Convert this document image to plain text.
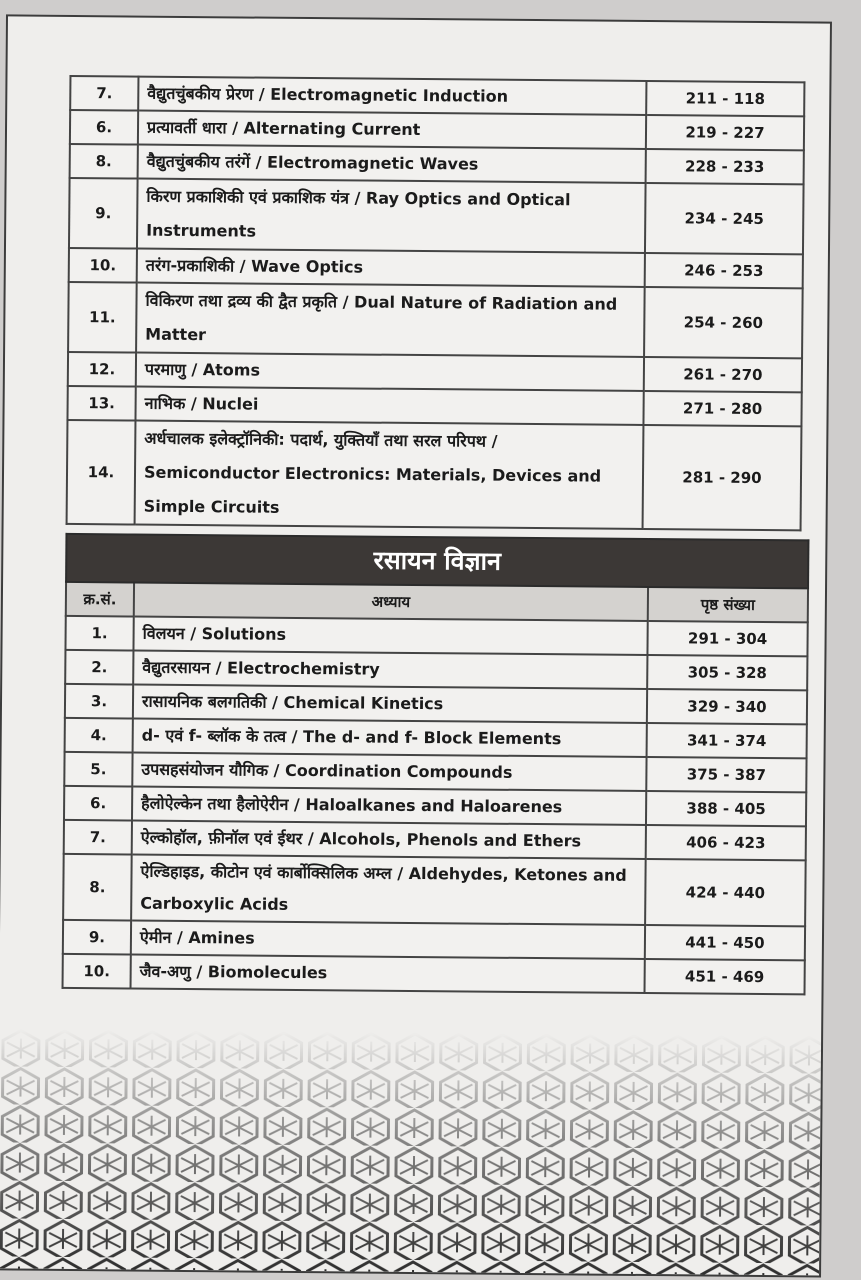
7.	वैद्युतचुंबकीय प्रेरण / Electromagnetic Induction	211 - 118
6.	प्रत्यावर्ती धारा / Alternating Current	219 - 227
8.	वैद्युतचुंबकीय तरंगें / Electromagnetic Waves	228 - 233
9.	किरण प्रकाशिकी एवं प्रकाशिक यंत्र / Ray Optics and Optical Instruments	234 - 245
10.	तरंग-प्रकाशिकी / Wave Optics	246 - 253
11.	विकिरण तथा द्रव्य की द्वैत प्रकृति / Dual Nature of Radiation and Matter	254 - 260
12.	परमाणु / Atoms	261 - 270
13.	नाभिक / Nuclei	271 - 280
14.	अर्धचालक इलेक्ट्रॉनिकी: पदार्थ, युक्तियाँ तथा सरल परिपथ / Semiconductor Electronics: Materials, Devices and Simple Circuits	281 - 290
रसायन विज्ञान		
क्र.सं.	अध्याय	पृष्ठ संख्या
1.	विलयन / Solutions	291 - 304
2.	वैद्युतरसायन / Electrochemistry	305 - 328
3.	रासायनिक बलगतिकी / Chemical Kinetics	329 - 340
4.	d- एवं f- ब्लॉक के तत्व / The d- and f- Block Elements	341 - 374
5.	उपसहसंयोजन यौगिक / Coordination Compounds	375 - 387
6.	हैलोऐल्केन तथा हैलोऐरीन / Haloalkanes and Haloarenes	388 - 405
7.	ऐल्कोहॉल, फ़ीनॉल एवं ईथर / Alcohols, Phenols and Ethers	406 - 423
8.	ऐल्डिहाइड, कीटोन एवं कार्बोक्सिलिक अम्ल / Aldehydes, Ketones and Carboxylic Acids	424 - 440
9.	ऐमीन / Amines	441 - 450
10.	जैव-अणु / Biomolecules	451 - 469
